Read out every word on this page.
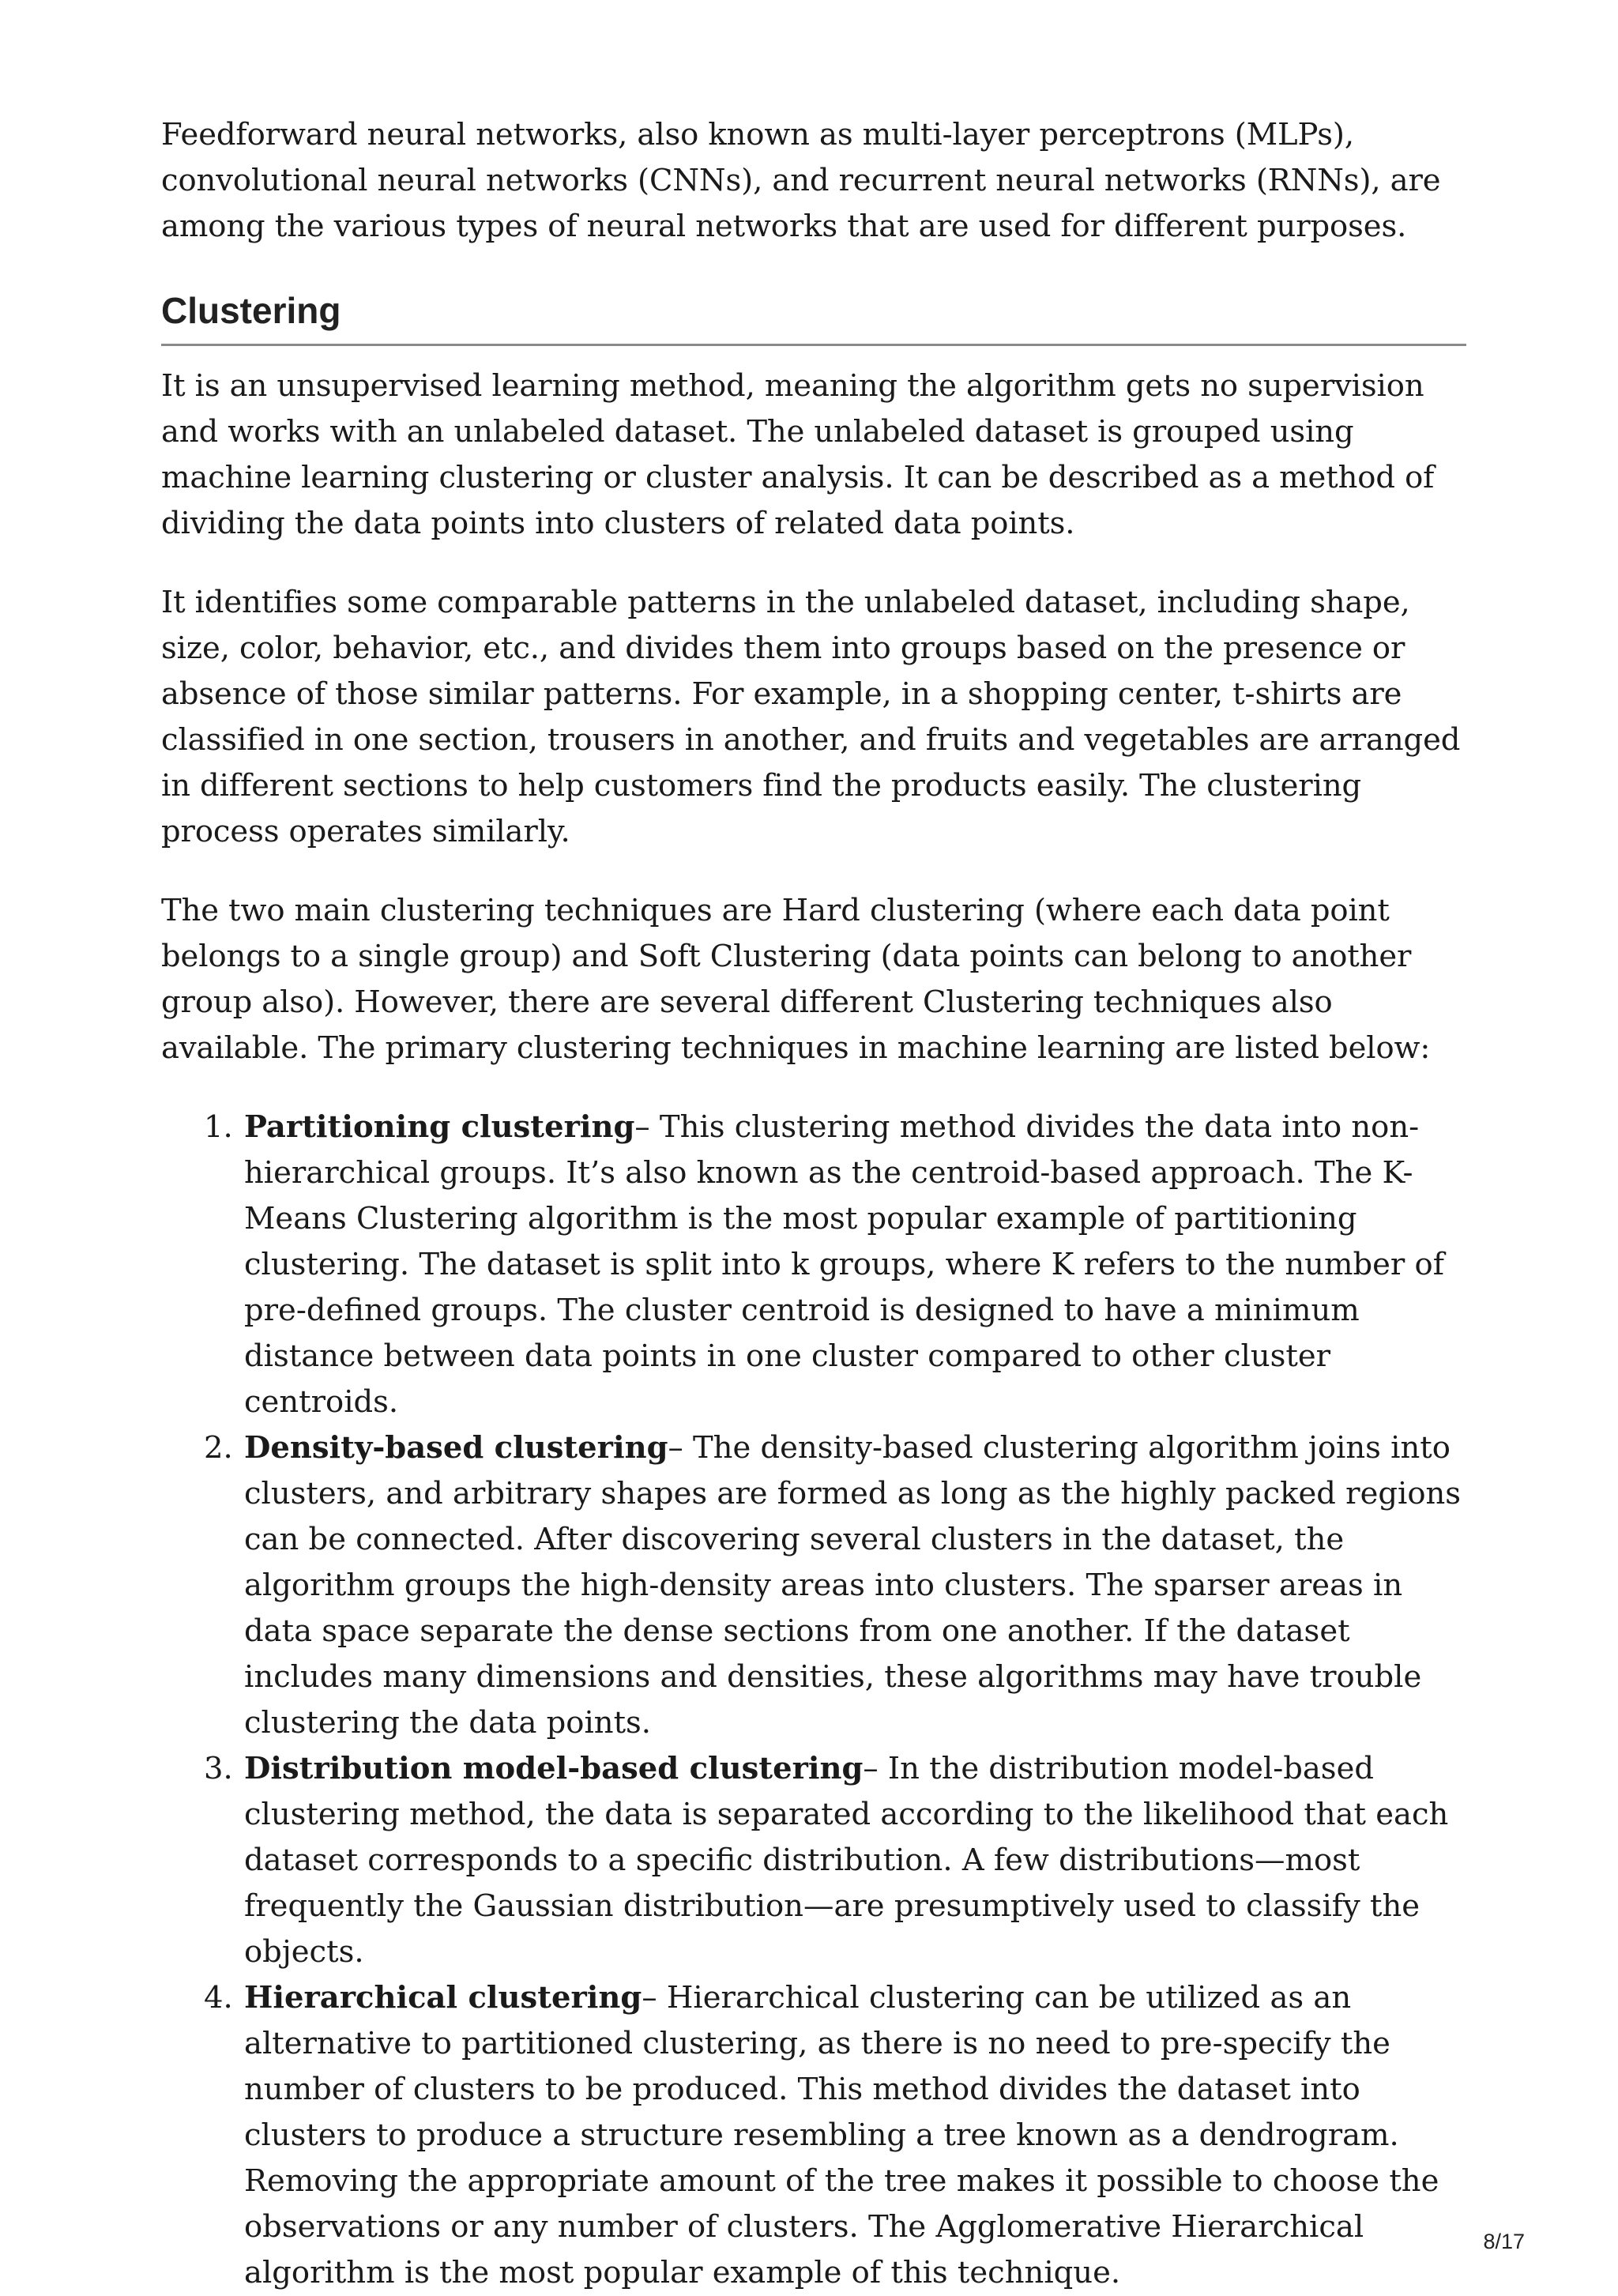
Feedforward neural networks, also known as multi-layer perceptrons (MLPs), convolutional neural networks (CNNs), and recurrent neural networks (RNNs), are among the various types of neural networks that are used for different purposes.

Clustering

It is an unsupervised learning method, meaning the algorithm gets no supervision and works with an unlabeled dataset. The unlabeled dataset is grouped using machine learning clustering or cluster analysis. It can be described as a method of dividing the data points into clusters of related data points.

It identifies some comparable patterns in the unlabeled dataset, including shape, size, color, behavior, etc., and divides them into groups based on the presence or absence of those similar patterns. For example, in a shopping center, t-shirts are classified in one section, trousers in another, and fruits and vegetables are arranged in different sections to help customers find the products easily. The clustering process operates similarly.

The two main clustering techniques are Hard clustering (where each data point belongs to a single group) and Soft Clustering (data points can belong to another group also). However, there are several different Clustering techniques also available. The primary clustering techniques in machine learning are listed below:

1. Partitioning clustering– This clustering method divides the data into non-hierarchical groups. It’s also known as the centroid-based approach. The K-Means Clustering algorithm is the most popular example of partitioning clustering. The dataset is split into k groups, where K refers to the number of pre-defined groups. The cluster centroid is designed to have a minimum distance between data points in one cluster compared to other cluster centroids.
2. Density-based clustering– The density-based clustering algorithm joins into clusters, and arbitrary shapes are formed as long as the highly packed regions can be connected. After discovering several clusters in the dataset, the algorithm groups the high-density areas into clusters. The sparser areas in data space separate the dense sections from one another. If the dataset includes many dimensions and densities, these algorithms may have trouble clustering the data points.
3. Distribution model-based clustering– In the distribution model-based clustering method, the data is separated according to the likelihood that each dataset corresponds to a specific distribution. A few distributions—most frequently the Gaussian distribution—are presumptively used to classify the objects.
4. Hierarchical clustering– Hierarchical clustering can be utilized as an alternative to partitioned clustering, as there is no need to pre-specify the number of clusters to be produced. This method divides the dataset into clusters to produce a structure resembling a tree known as a dendrogram. Removing the appropriate amount of the tree makes it possible to choose the observations or any number of clusters. The Agglomerative Hierarchical algorithm is the most popular example of this technique.
8/17
